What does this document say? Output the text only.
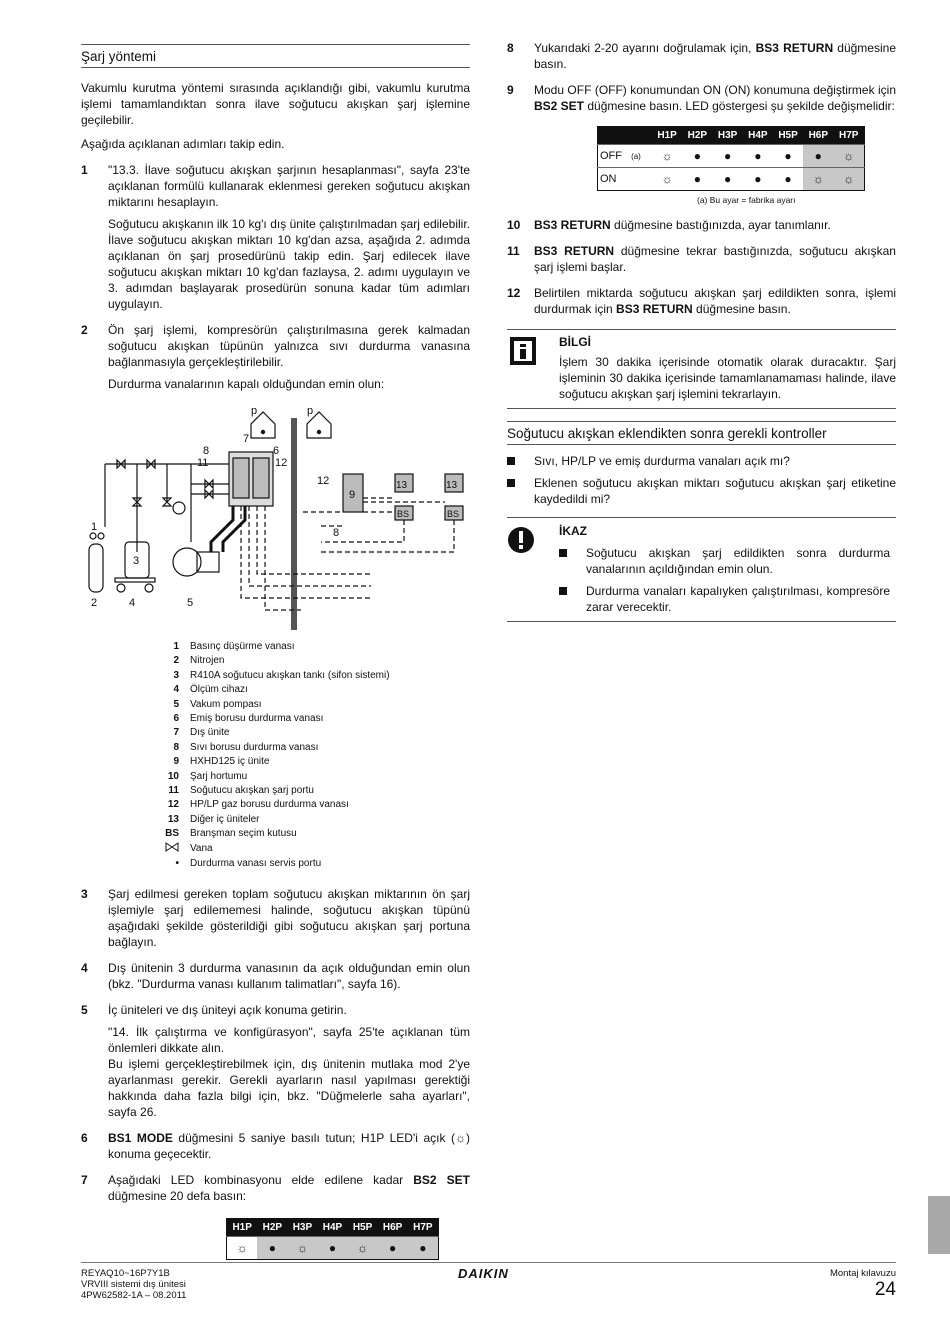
Şarj yöntemi

Vakumlu kurutma yöntemi sırasında açıklandığı gibi, vakumlu kurutma işlemi tamamlandıktan sonra ilave soğutucu akışkan şarj işlemine geçilebilir.

Aşağıda açıklanan adımları takip edin.

1 "13.3. İlave soğutucu akışkan şarjının hesaplanması", sayfa 23'te açıklanan formülü kullanarak eklenmesi gereken soğutucu akışkan miktarını hesaplayın.

Soğutucu akışkanın ilk 10 kg'ı dış ünite çalıştırılmadan şarj edilebilir. İlave soğutucu akışkan miktarı 10 kg'dan azsa, aşağıda 2. adımda açıklanan ön şarj prosedürünü takip edin. Şarj edilecek ilave soğutucu akışkan miktarı 10 kg'dan fazlaysa, 2. adımı uygulayın ve 3. adımdan başlayarak prosedürün sonuna kadar tüm adımları uygulayın.

2 Ön şarj işlemi, kompresörün çalıştırılmasına gerek kalmadan soğutucu akışkan tüpünün yalnızca sıvı durdurma vanasına bağlanmasıyla gerçekleştirilebilir.

Durdurma vanalarının kapalı olduğundan emin olun:

p	p
7
8
11
6
12
12
9
8
13	13
BS	BS
1
3
2	4	5
1 Basınç düşürme vanası
2 Nitrojen
3 R410A soğutucu akışkan tankı (sifon sistemi)
4 Ölçüm cihazı
5 Vakum pompası
6 Emiş borusu durdurma vanası
7 Dış ünite
8 Sıvı borusu durdurma vanası
9 HXHD125 iç ünite
10 Şarj hortumu
11 Soğutucu akışkan şarj portu
12 HP/LP gaz borusu durdurma vanası
13 Diğer iç üniteler
BS Branşman seçim kutusu
Vana
• Durdurma vanası servis portu
3 Şarj edilmesi gereken toplam soğutucu akışkan miktarının ön şarj işlemiyle şarj edilememesi halinde, soğutucu akışkan tüpünü aşağıdaki şekilde gösterildiği gibi soğutucu akışkan şarj portuna bağlayın.

4 Dış ünitenin 3 durdurma vanasının da açık olduğundan emin olun (bkz. "Durdurma vanası kullanım talimatları", sayfa 16).

5 İç üniteleri ve dış üniteyi açık konuma getirin.

"14. İlk çalıştırma ve konfigürasyon", sayfa 25'te açıklanan tüm önlemleri dikkate alın.

Bu işlemi gerçekleştirebilmek için, dış ünitenin mutlaka mod 2'ye ayarlanması gerekir. Gerekli ayarların nasıl yapılması gerektiği hakkında daha fazla bilgi için, bkz. "Düğmelerle saha ayarları", sayfa 26.

6 BS1 MODE düğmesini 5 saniye basılı tutun; H1P LED'i açık (☼) konuma geçecektir.

7 Aşağıdaki LED kombinasyonu elde edilene kadar BS2 SET düğmesine 20 defa basın:

H1P	H2P	H3P	H4P	H5P	H6P	H7P
☼	●	☼	●	☼	●	●
8 Yukarıdaki 2-20 ayarını doğrulamak için, BS3 RETURN düğmesine basın.

9 Modu OFF (OFF) konumundan ON (ON) konumuna değiştirmek için BS2 SET düğmesine basın. LED göstergesi şu şekilde değişmelidir:

	H1P	H2P	H3P	H4P	H5P	H6P	H7P
OFF (a)	☼	●	●	●	●	●	☼
ON	☼	●	●	●	●	☼	☼
(a) Bu ayar = fabrika ayarı
10 BS3 RETURN düğmesine bastığınızda, ayar tanımlanır.

11 BS3 RETURN düğmesine tekrar bastığınızda, soğutucu akışkan şarj işlemi başlar.

12 Belirtilen miktarda soğutucu akışkan şarj edildikten sonra, işlemi durdurmak için BS3 RETURN düğmesine basın.

BİLGİ

İşlem 30 dakika içerisinde otomatik olarak duracaktır. Şarj işleminin 30 dakika içerisinde tamamlanamaması halinde, ilave soğutucu akışkan şarj işlemini tekrarlayın.

Soğutucu akışkan eklendikten sonra gerekli kontroller
Sıvı, HP/LP ve emiş durdurma vanaları açık mı?
Eklenen soğutucu akışkan miktarı soğutucu akışkan şarj etiketine kaydedildi mi?
İKAZ
Soğutucu akışkan şarj edildikten sonra durdurma vanalarının açıldığından emin olun.
Durdurma vanaları kapalıyken çalıştırılması, kompresöre zarar verecektir.
REYAQ10~16P7Y1B
VRVIII sistemi dış ünitesi
4PW62582-1A – 08.2011
DAIKIN	Montaj kılavuzu
24
